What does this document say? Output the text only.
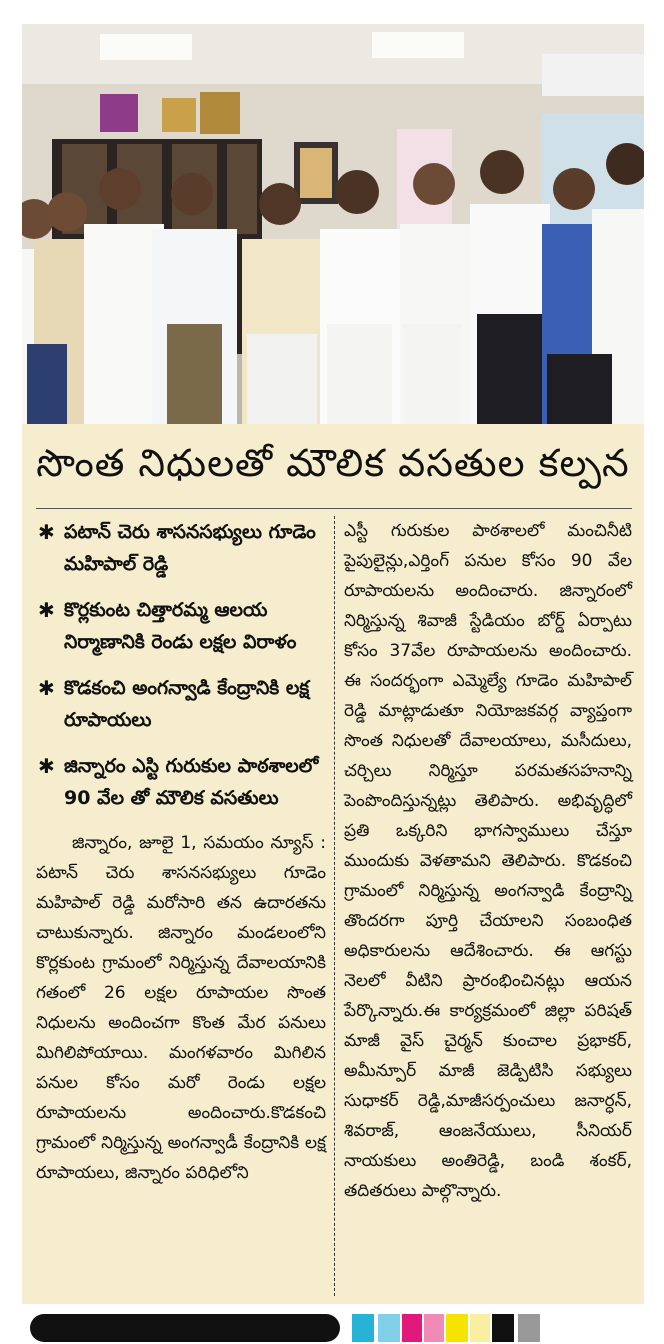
సొంత నిధులతో మౌలిక వసతుల కల్పన
✱ పటాన్ చెరు శాసనసభ్యులు గూడెం మహిపాల్ రెడ్డి
✱ కొర్లకుంట చిత్తారమ్మ ఆలయ నిర్మాణానికి రెండు లక్షల విరాళం
✱ కొడకంచి అంగన్వాడి కేంద్రానికి లక్ష రూపాయలు
✱ జిన్నారం ఎస్టి గురుకుల పాఠశాలలో 90 వేల తో మౌలిక వసతులు

జిన్నారం, జూలై 1, సమయం న్యూస్ : పటాన్ చెరు శాసనసభ్యులు గూడెం మహిపాల్ రెడ్డి మరోసారి తన ఉదారతను చాటుకున్నారు. జిన్నారం మండలంలోని కొర్లకుంట గ్రామంలో నిర్మిస్తున్న దేవాలయానికి గతంలో 26 లక్షల రూపాయల సొంత నిధులను అందించగా కొంత మేర పనులు మిగిలిపోయాయి. మంగళవారం మిగిలిన పనుల కోసం మరో రెండు లక్షల రూపాయలను అందించారు.కొడకంచి గ్రామంలో నిర్మిస్తున్న అంగన్వాడీ కేంద్రానికి లక్ష రూపాయలు, జిన్నారం పరిధిలోని

ఎస్టీ గురుకుల పాఠశాలలో మంచినీటి పైపులైన్లు,ఎర్తింగ్ పనుల కోసం 90 వేల రూపాయలను అందించారు. జిన్నారంలో నిర్మిస్తున్న శివాజీ స్టేడియం బోర్డ్ ఏర్పాటు కోసం 37వేల రూపాయలను అందించారు. ఈ సందర్భంగా ఎమ్మెల్యే గూడెం మహిపాల్ రెడ్డి మాట్లాడుతూ నియోజకవర్గ వ్యాప్తంగా సొంత నిధులతో దేవాలయాలు, మసీదులు, చర్చిలు నిర్మిస్తూ పరమతసహనాన్ని పెంపొందిస్తున్నట్లు తెలిపారు. అభివృద్ధిలో ప్రతి ఒక్కరిని భాగస్వాములు చేస్తూ ముందుకు వెళతామని తెలిపారు. కొడకంచి గ్రామంలో నిర్మిస్తున్న అంగన్వాడి కేంద్రాన్ని తొందరగా పూర్తి చేయాలని సంబంధిత అధికారులను ఆదేశించారు. ఈ ఆగస్టు నెలలో వీటిని ప్రారంభించినట్లు ఆయన పేర్కొన్నారు.ఈ కార్యక్రమంలో జిల్లా పరిషత్ మాజీ వైస్ చైర్మన్ కుంచాల ప్రభాకర్, అమీన్పూర్ మాజీ జెడ్పిటిసి సభ్యులు సుధాకర్ రెడ్డి,మాజీసర్పంచులు జనార్ధన్, శివరాజ్, ఆంజనేయులు, సీనియర్ నాయకులు అంతిరెడ్డి, బండి శంకర్, తదితరులు పాల్గొన్నారు.
